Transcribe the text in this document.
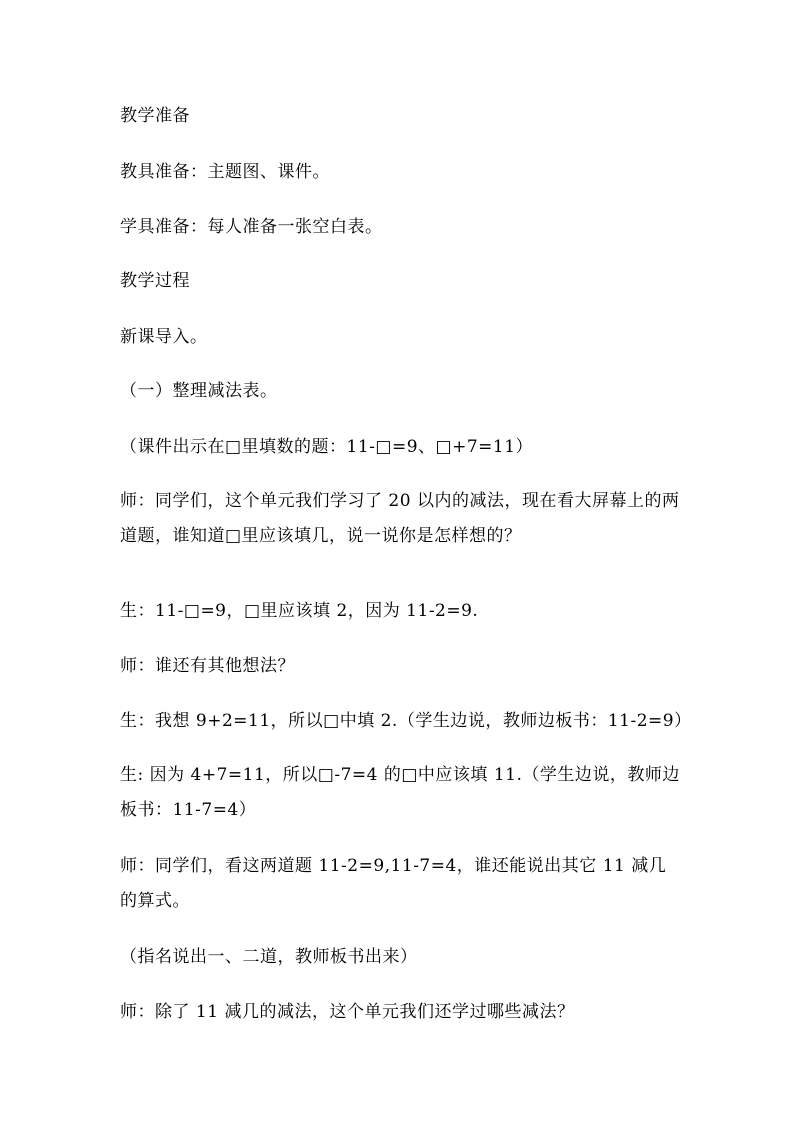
教学准备
教具准备：主题图、课件。
学具准备：每人准备一张空白表。
教学过程
新课导入。
（一）整理减法表。
（课件出示在□里填数的题：11-□=9、□+7=11）
师：同学们，这个单元我们学习了 20 以内的减法，现在看大屏幕上的两道题，谁知道□里应该填几，说一说你是怎样想的？
生：11-□=9，□里应该填 2，因为 11-2=9.
师：谁还有其他想法？
生：我想 9+2=11，所以□中填 2.（学生边说，教师边板书：11-2=9）
生: 因为 4+7=11，所以□-7=4 的□中应该填 11.（学生边说，教师边板书：11-7=4）
师：同学们，看这两道题 11-2=9,11-7=4，谁还能说出其它 11 减几的算式。
（指名说出一、二道，教师板书出来）
师：除了 11 减几的减法，这个单元我们还学过哪些减法？
